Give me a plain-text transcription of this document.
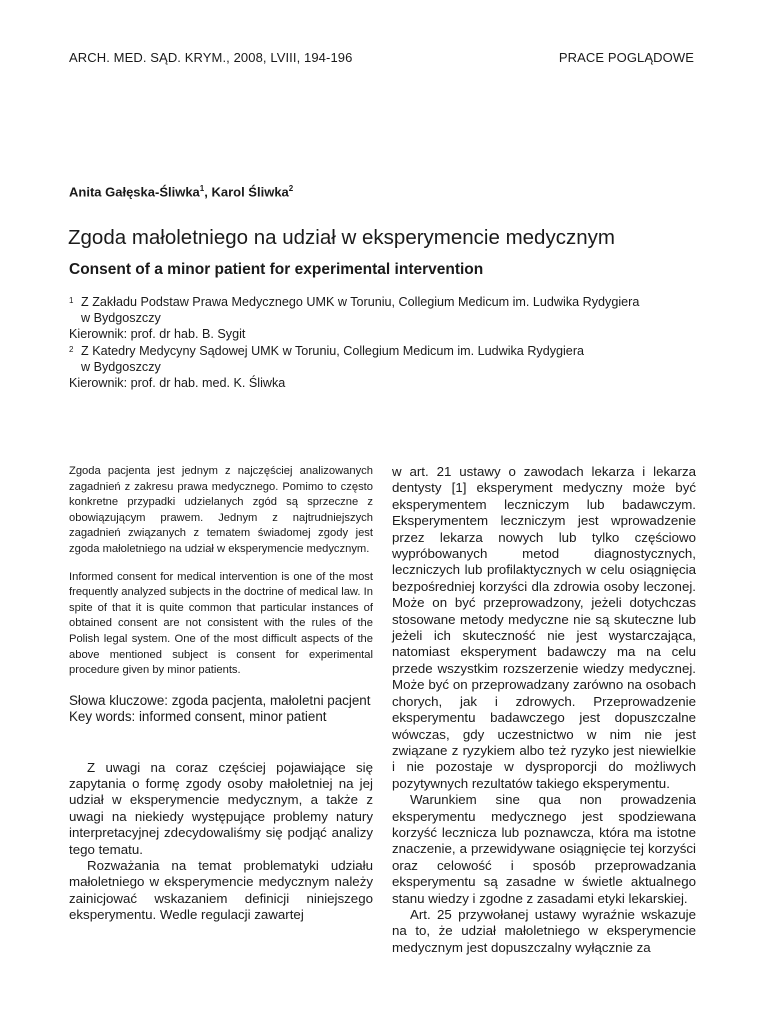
ARCH. MED. SĄD. KRYM., 2008, LVIII, 194-196	PRACE POGLĄDOWE
Anita Gałęska-Śliwka$^1$, Karol Śliwka$^2$
Zgoda małoletniego na udział w eksperymencie medycznym
Consent of a minor patient for experimental intervention
1 Z Zakładu Podstaw Prawa Medycznego UMK w Toruniu, Collegium Medicum im. Ludwika Rydygiera
w Bydgoszczy
Kierownik: prof. dr hab. B. Sygit
2 Z Katedry Medycyny Sądowej UMK w Toruniu, Collegium Medicum im. Ludwika Rydygiera
w Bydgoszczy
Kierownik: prof. dr hab. med. K. Śliwka

Zgoda pacjenta jest jednym z najczęściej analizowanych zagadnień z zakresu prawa medycznego. Pomimo to często konkretne przypadki udzielanych zgód są sprzeczne z obowiązującym prawem. Jednym z najtrudniejszych zagadnień związanych z tematem świadomej zgody jest zgoda małoletniego na udział w eksperymencie medycznym.

Informed consent for medical intervention is one of the most frequently analyzed subjects in the doctrine of medical law. In spite of that it is quite common that particular instances of obtained consent are not consistent with the rules of the Polish legal system. One of the most difficult aspects of the above mentioned subject is consent for experimental procedure given by minor patients.

Słowa kluczowe: zgoda pacjenta, małoletni pacjent
Key words: informed consent, minor patient

Z uwagi na coraz częściej pojawiające się zapytania o formę zgody osoby małoletniej na jej udział w eksperymencie medycznym, a także z uwagi na niekiedy występujące problemy natury interpretacyjnej zdecydowaliśmy się podjąć analizy tego tematu.

Rozważania na temat problematyki udziału małoletniego w eksperymencie medycznym należy zainicjować wskazaniem definicji niniejszego eksperymentu. Wedle regulacji zawartej

w art. 21 ustawy o zawodach lekarza i lekarza dentysty [1] eksperyment medyczny może być eksperymentem leczniczym lub badawczym. Eksperymentem leczniczym jest wprowadzenie przez lekarza nowych lub tylko częściowo wypróbowanych metod diagnostycznych, leczniczych lub profilaktycznych w celu osiągnięcia bezpośredniej korzyści dla zdrowia osoby leczonej. Może on być przeprowadzony, jeżeli dotychczas stosowane metody medyczne nie są skuteczne lub jeżeli ich skuteczność nie jest wystarczająca, natomiast eksperyment badawczy ma na celu przede wszystkim rozszerzenie wiedzy medycznej. Może być on przeprowadzany zarówno na osobach chorych, jak i zdrowych. Przeprowadzenie eksperymentu badawczego jest dopuszczalne wówczas, gdy uczestnictwo w nim nie jest związane z ryzykiem albo też ryzyko jest niewielkie i nie pozostaje w dysproporcji do możliwych pozytywnych rezultatów takiego eksperymentu.

Warunkiem sine qua non prowadzenia eksperymentu medycznego jest spodziewana korzyść lecznicza lub poznawcza, która ma istotne znaczenie, a przewidywane osiągnięcie tej korzyści oraz celowość i sposób przeprowadzania eksperymentu są zasadne w świetle aktualnego stanu wiedzy i zgodne z zasadami etyki lekarskiej.

Art. 25 przywołanej ustawy wyraźnie wskazuje na to, że udział małoletniego w eksperymencie medycznym jest dopuszczalny wyłącznie za
